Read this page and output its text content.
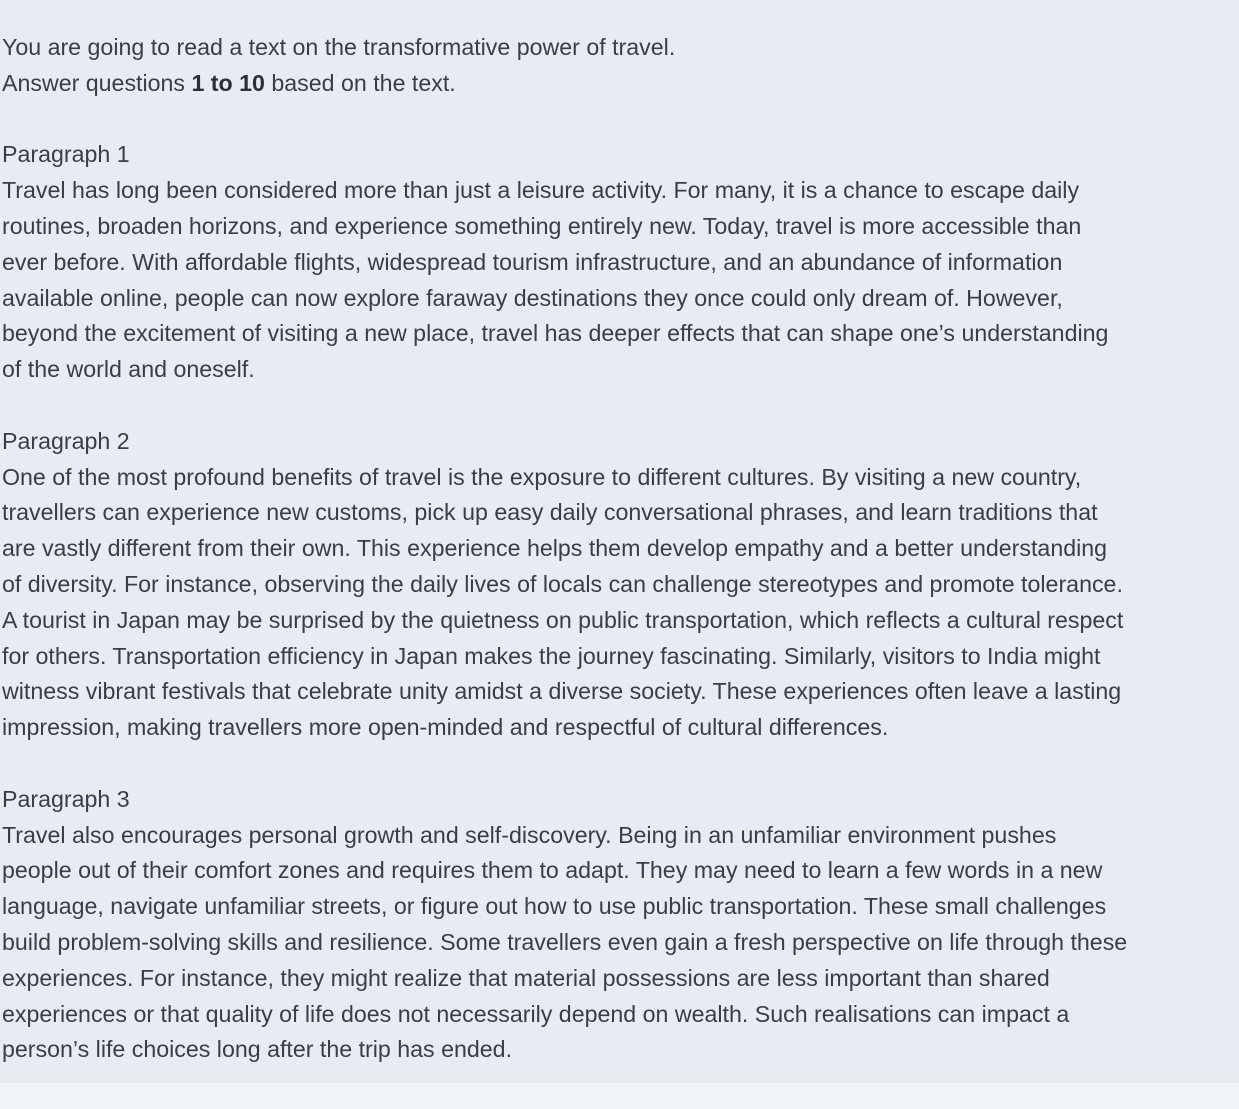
You are going to read a text on the transformative power of travel.
Answer questions 1 to 10 based on the text.
Paragraph 1
Travel has long been considered more than just a leisure activity. For many, it is a chance to escape daily
routines, broaden horizons, and experience something entirely new. Today, travel is more accessible than
ever before. With affordable flights, widespread tourism infrastructure, and an abundance of information
available online, people can now explore faraway destinations they once could only dream of. However,
beyond the excitement of visiting a new place, travel has deeper effects that can shape one’s understanding
of the world and oneself.
Paragraph 2
One of the most profound benefits of travel is the exposure to different cultures. By visiting a new country,
travellers can experience new customs, pick up easy daily conversational phrases, and learn traditions that
are vastly different from their own. This experience helps them develop empathy and a better understanding
of diversity. For instance, observing the daily lives of locals can challenge stereotypes and promote tolerance.
A tourist in Japan may be surprised by the quietness on public transportation, which reflects a cultural respect
for others. Transportation efficiency in Japan makes the journey fascinating. Similarly, visitors to India might
witness vibrant festivals that celebrate unity amidst a diverse society. These experiences often leave a lasting
impression, making travellers more open-minded and respectful of cultural differences.
Paragraph 3
Travel also encourages personal growth and self-discovery. Being in an unfamiliar environment pushes
people out of their comfort zones and requires them to adapt. They may need to learn a few words in a new
language, navigate unfamiliar streets, or figure out how to use public transportation. These small challenges
build problem-solving skills and resilience. Some travellers even gain a fresh perspective on life through these
experiences. For instance, they might realize that material possessions are less important than shared
experiences or that quality of life does not necessarily depend on wealth. Such realisations can impact a
person’s life choices long after the trip has ended.
